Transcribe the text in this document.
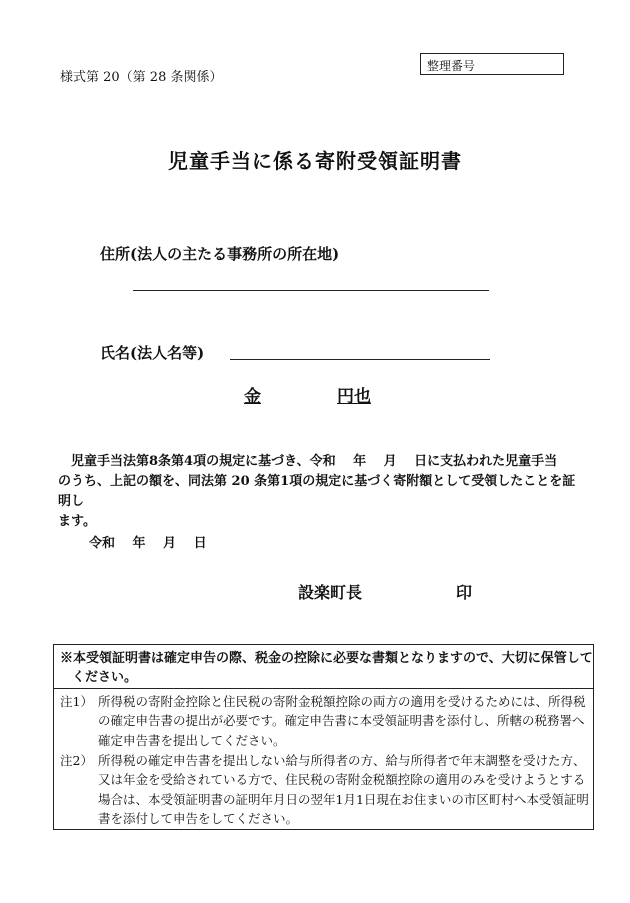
様式第 20（第 28 条関係）
整理番号
児童手当に係る寄附受領証明書
住所(法人の主たる事務所の所在地)
氏名(法人名等)
金	円也

児童手当法第8条第4項の規定に基づき、令和　 年　 月　 日に支払われた児童手当

のうち、上記の額を、同法第 20 条第1項の規定に基づく寄附額として受領したことを証明し

ます。

令和　 年　 月　 日
設楽町長	印

※本受領証明書は確定申告の際、税金の控除に必要な書類となりますので、大切に保管して

ください。

注1） 所得税の寄附金控除と住民税の寄附金税額控除の両方の適用を受けるためには、所得税の確定申告書の提出が必要です。確定申告書に本受領証明書を添付し、所轄の税務署へ確定申告書を提出してください。
注2） 所得税の確定申告書を提出しない給与所得者の方、給与所得者で年末調整を受けた方、又は年金を受給されている方で、住民税の寄附金税額控除の適用のみを受けようとする場合は、本受領証明書の証明年月日の翌年1月1日現在お住まいの市区町村へ本受領証明書を添付して申告をしてください。
